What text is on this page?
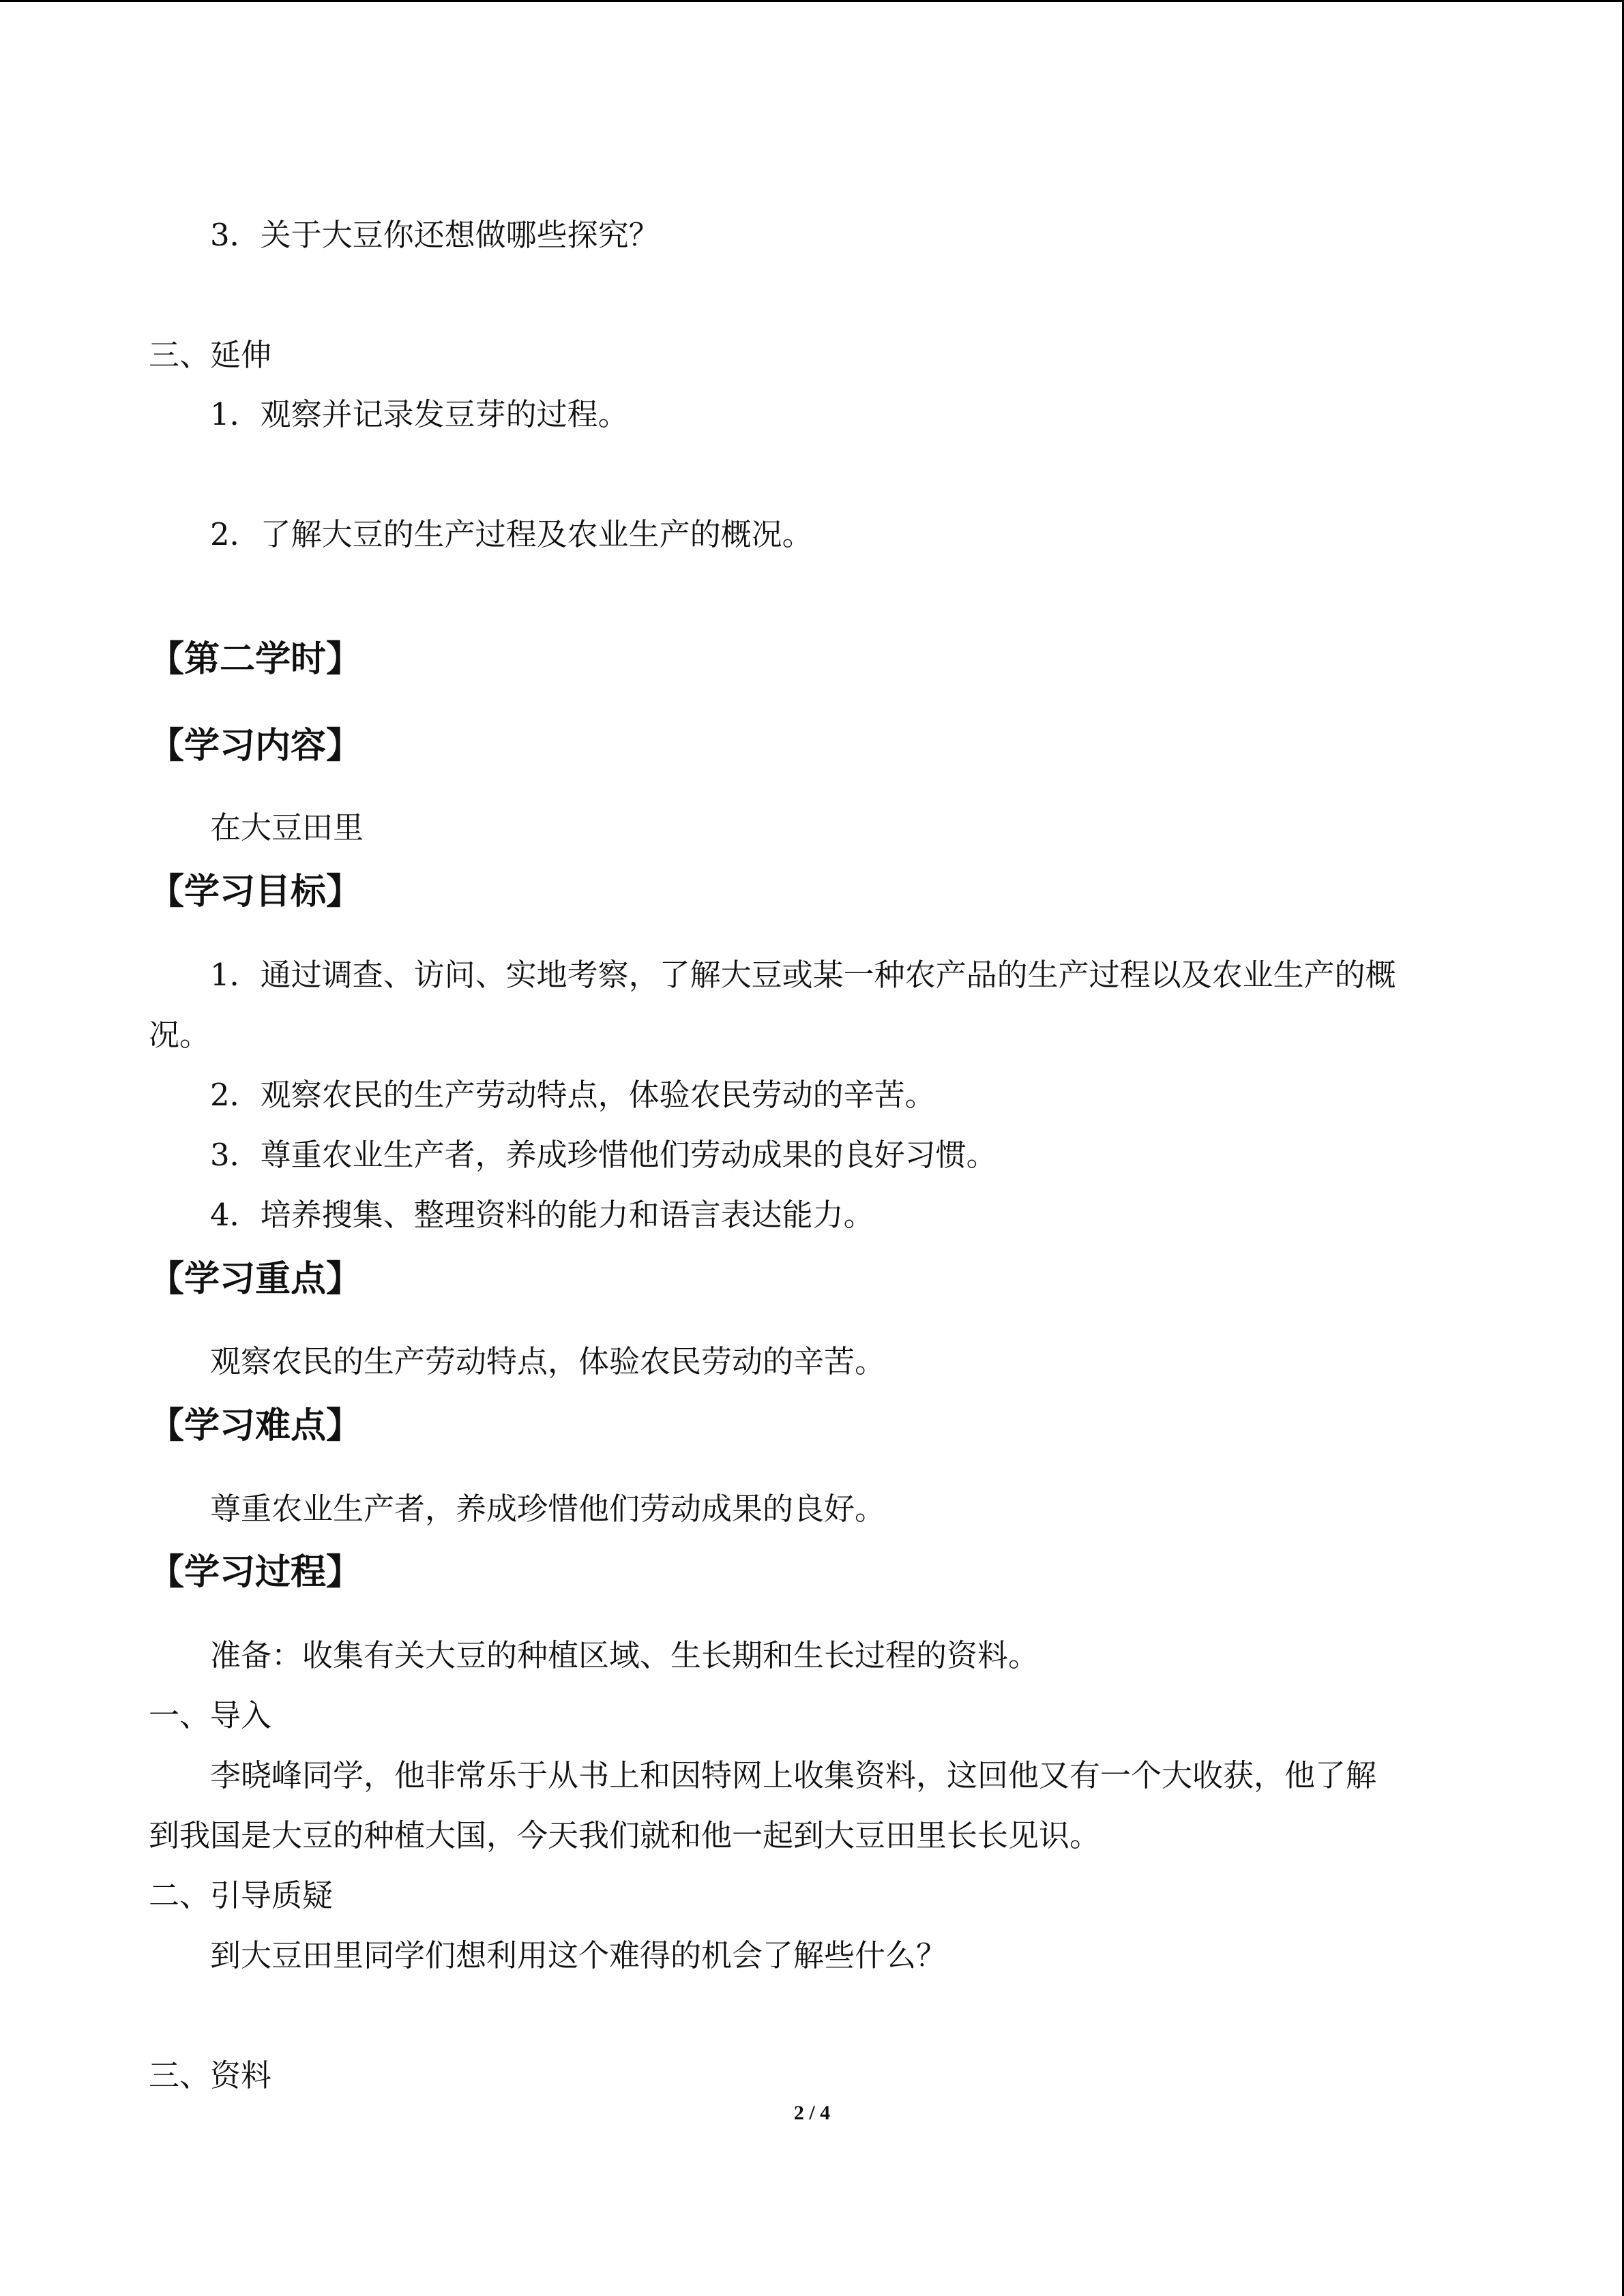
3．关于大豆你还想做哪些探究？
三、延伸
1．观察并记录发豆芽的过程。
2．了解大豆的生产过程及农业生产的概况。
【第二学时】
【学习内容】
在大豆田里
【学习目标】
1．通过调查、访问、实地考察，了解大豆或某一种农产品的生产过程以及农业生产的概
况。
2．观察农民的生产劳动特点，体验农民劳动的辛苦。
3．尊重农业生产者，养成珍惜他们劳动成果的良好习惯。
4．培养搜集、整理资料的能力和语言表达能力。
【学习重点】
观察农民的生产劳动特点，体验农民劳动的辛苦。
【学习难点】
尊重农业生产者，养成珍惜他们劳动成果的良好。
【学习过程】
准备：收集有关大豆的种植区域、生长期和生长过程的资料。
一、导入
李晓峰同学，他非常乐于从书上和因特网上收集资料，这回他又有一个大收获，他了解
到我国是大豆的种植大国，今天我们就和他一起到大豆田里长长见识。
二、引导质疑
到大豆田里同学们想利用这个难得的机会了解些什么？
三、资料
2 / 4
